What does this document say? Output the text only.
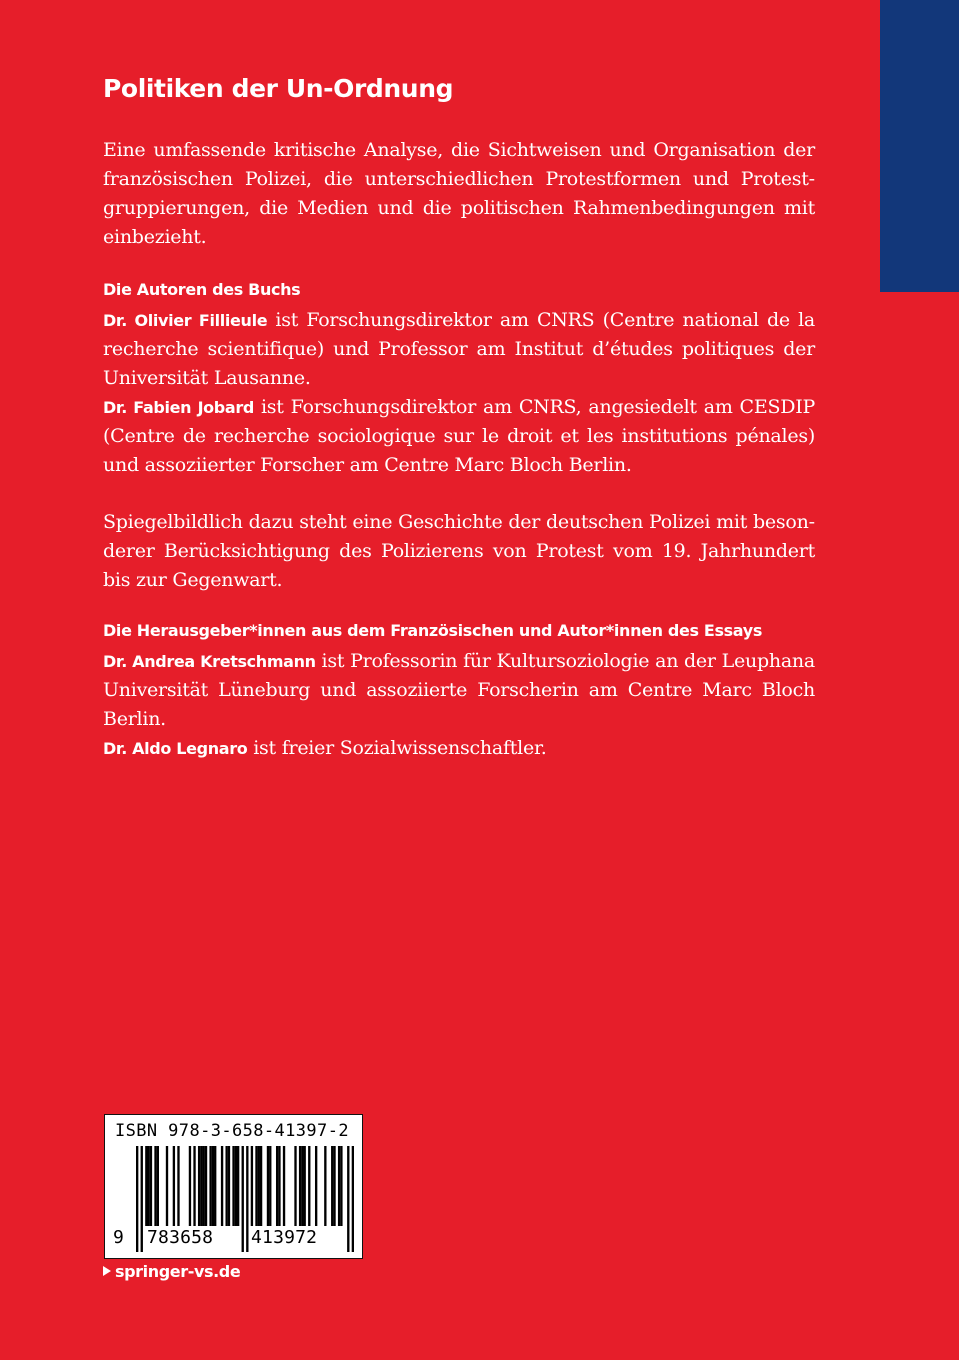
Politiken der Un-Ordnung

Eine umfassende kritische Analyse, die Sichtweisen und Organisation der französischen Polizei, die unterschiedlichen Protestformen und Protestgruppierungen, die Medien und die politischen Rahmenbedingungen mit einbezieht.

Die Autoren des Buchs

Dr. Olivier Fillieule ist Forschungsdirektor am CNRS (Centre national de la recherche scientifique) und Professor am Institut d’études politiques der Universität Lausanne.

Dr. Fabien Jobard ist Forschungsdirektor am CNRS, angesiedelt am CESDIP (Centre de recherche sociologique sur le droit et les institutions pénales) und assoziierter Forscher am Centre Marc Bloch Berlin.

Spiegelbildlich dazu steht eine Geschichte der deutschen Polizei mit besonderer Berücksichtigung des Polizierens von Protest vom 19. Jahrhundert bis zur Gegenwart.

Die Herausgeber*innen aus dem Französischen und Autor*innen des Essays

Dr. Andrea Kretschmann ist Professorin für Kultursoziologie an der Leuphana Universität Lüneburg und assoziierte Forscherin am Centre Marc Bloch Berlin.

Dr. Aldo Legnaro ist freier Sozialwissenschaftler.

ISBN 978-3-658-41397-2
9 783658 413972
springer-vs.de
